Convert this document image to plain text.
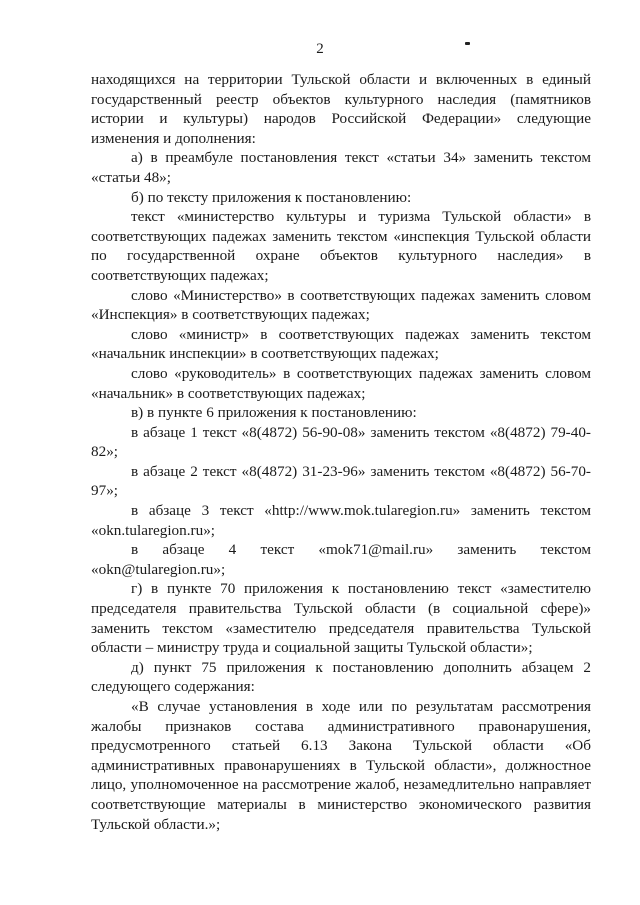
2

находящихся на территории Тульской области и включенных в единый государственный реестр объектов культурного наследия (памятников истории и культуры) народов Российской Федерации» следующие изменения и дополнения:

а) в преамбуле постановления текст «статьи 34» заменить текстом «статьи 48»;

б) по тексту приложения к постановлению:

текст «министерство культуры и туризма Тульской области» в соответствующих падежах заменить текстом «инспекция Тульской области по государственной охране объектов культурного наследия» в соответствующих падежах;

слово «Министерство» в соответствующих падежах заменить словом «Инспекция» в соответствующих падежах;

слово «министр» в соответствующих падежах заменить текстом «начальник инспекции» в соответствующих падежах;

слово «руководитель» в соответствующих падежах заменить словом «начальник» в соответствующих падежах;

в) в пункте 6 приложения к постановлению:

в абзаце 1 текст «8(4872) 56-90-08» заменить текстом «8(4872) 79-40-82»;

в абзаце 2 текст «8(4872) 31-23-96» заменить текстом «8(4872) 56-70-97»;

в абзаце 3 текст «http://www.mok.tularegion.ru» заменить текстом «okn.tularegion.ru»;

в абзаце 4 текст «mok71@mail.ru» заменить текстом «okn@tularegion.ru»;

г) в пункте 70 приложения к постановлению текст «заместителю председателя правительства Тульской области (в социальной сфере)» заменить текстом «заместителю председателя правительства Тульской области – министру труда и социальной защиты Тульской области»;

д) пункт 75 приложения к постановлению дополнить абзацем 2 следующего содержания:

«В случае установления в ходе или по результатам рассмотрения жалобы признаков состава административного правонарушения, предусмотренного статьей 6.13 Закона Тульской области «Об административных правонарушениях в Тульской области», должностное лицо, уполномоченное на рассмотрение жалоб, незамедлительно направляет соответствующие материалы в министерство экономического развития Тульской области.»;
